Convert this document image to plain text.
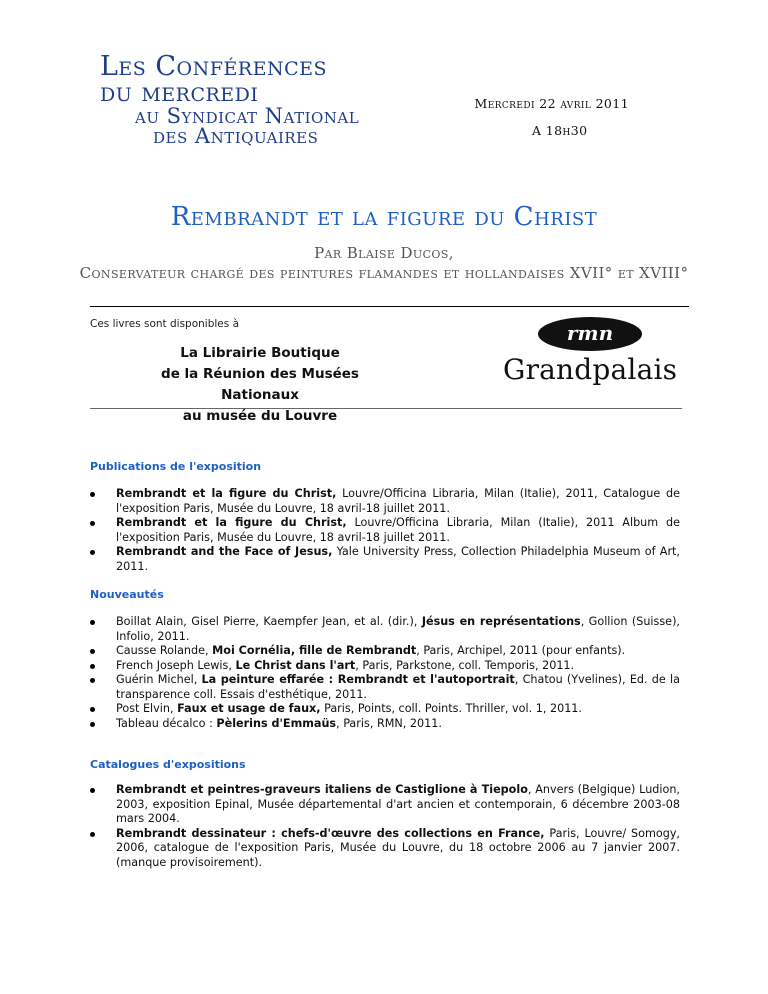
Les Conférences
du mercredi
au Syndicat National
des Antiquaires
Mercredi 22 avril 2011
A 18h30
Rembrandt et la figure du Christ
Par Blaise Ducos,
Conservateur chargé des peintures flamandes et hollandaises XVII° et XVIII°
Ces livres sont disponibles à
La Librairie Boutique
de la Réunion des Musées Nationaux
au musée du Louvre
rmn
Grandpalais
Publications de l'exposition
Rembrandt et la figure du Christ, Louvre/Officina Libraria, Milan (Italie), 2011, Catalogue de l'exposition Paris, Musée du Louvre, 18 avril-18 juillet 2011.
Rembrandt et la figure du Christ, Louvre/Officina Libraria, Milan (Italie), 2011 Album de l'exposition Paris, Musée du Louvre, 18 avril-18 juillet 2011.
Rembrandt and the Face of Jesus, Yale University Press, Collection Philadelphia Museum of Art, 2011.
Nouveautés
Boillat Alain, Gisel Pierre, Kaempfer Jean, et al. (dir.), Jésus en représentations, Gollion (Suisse), Infolio, 2011.
Causse Rolande, Moi Cornélia, fille de Rembrandt, Paris, Archipel, 2011 (pour enfants).
French Joseph Lewis, Le Christ dans l'art, Paris, Parkstone, coll. Temporis, 2011.
Guérin Michel, La peinture effarée : Rembrandt et l'autoportrait, Chatou (Yvelines), Ed. de la transparence coll. Essais d'esthétique, 2011.
Post Elvin, Faux et usage de faux, Paris, Points, coll. Points. Thriller, vol. 1, 2011.
Tableau décalco : Pèlerins d'Emmaüs, Paris, RMN, 2011.
Catalogues d'expositions
Rembrandt et peintres-graveurs italiens de Castiglione à Tiepolo, Anvers (Belgique) Ludion, 2003, exposition Epinal, Musée départemental d'art ancien et contemporain, 6 décembre 2003-08 mars 2004.
Rembrandt dessinateur : chefs-d'œuvre des collections en France, Paris, Louvre/ Somogy, 2006, catalogue de l'exposition Paris, Musée du Louvre, du 18 octobre 2006 au 7 janvier 2007. (manque provisoirement).
